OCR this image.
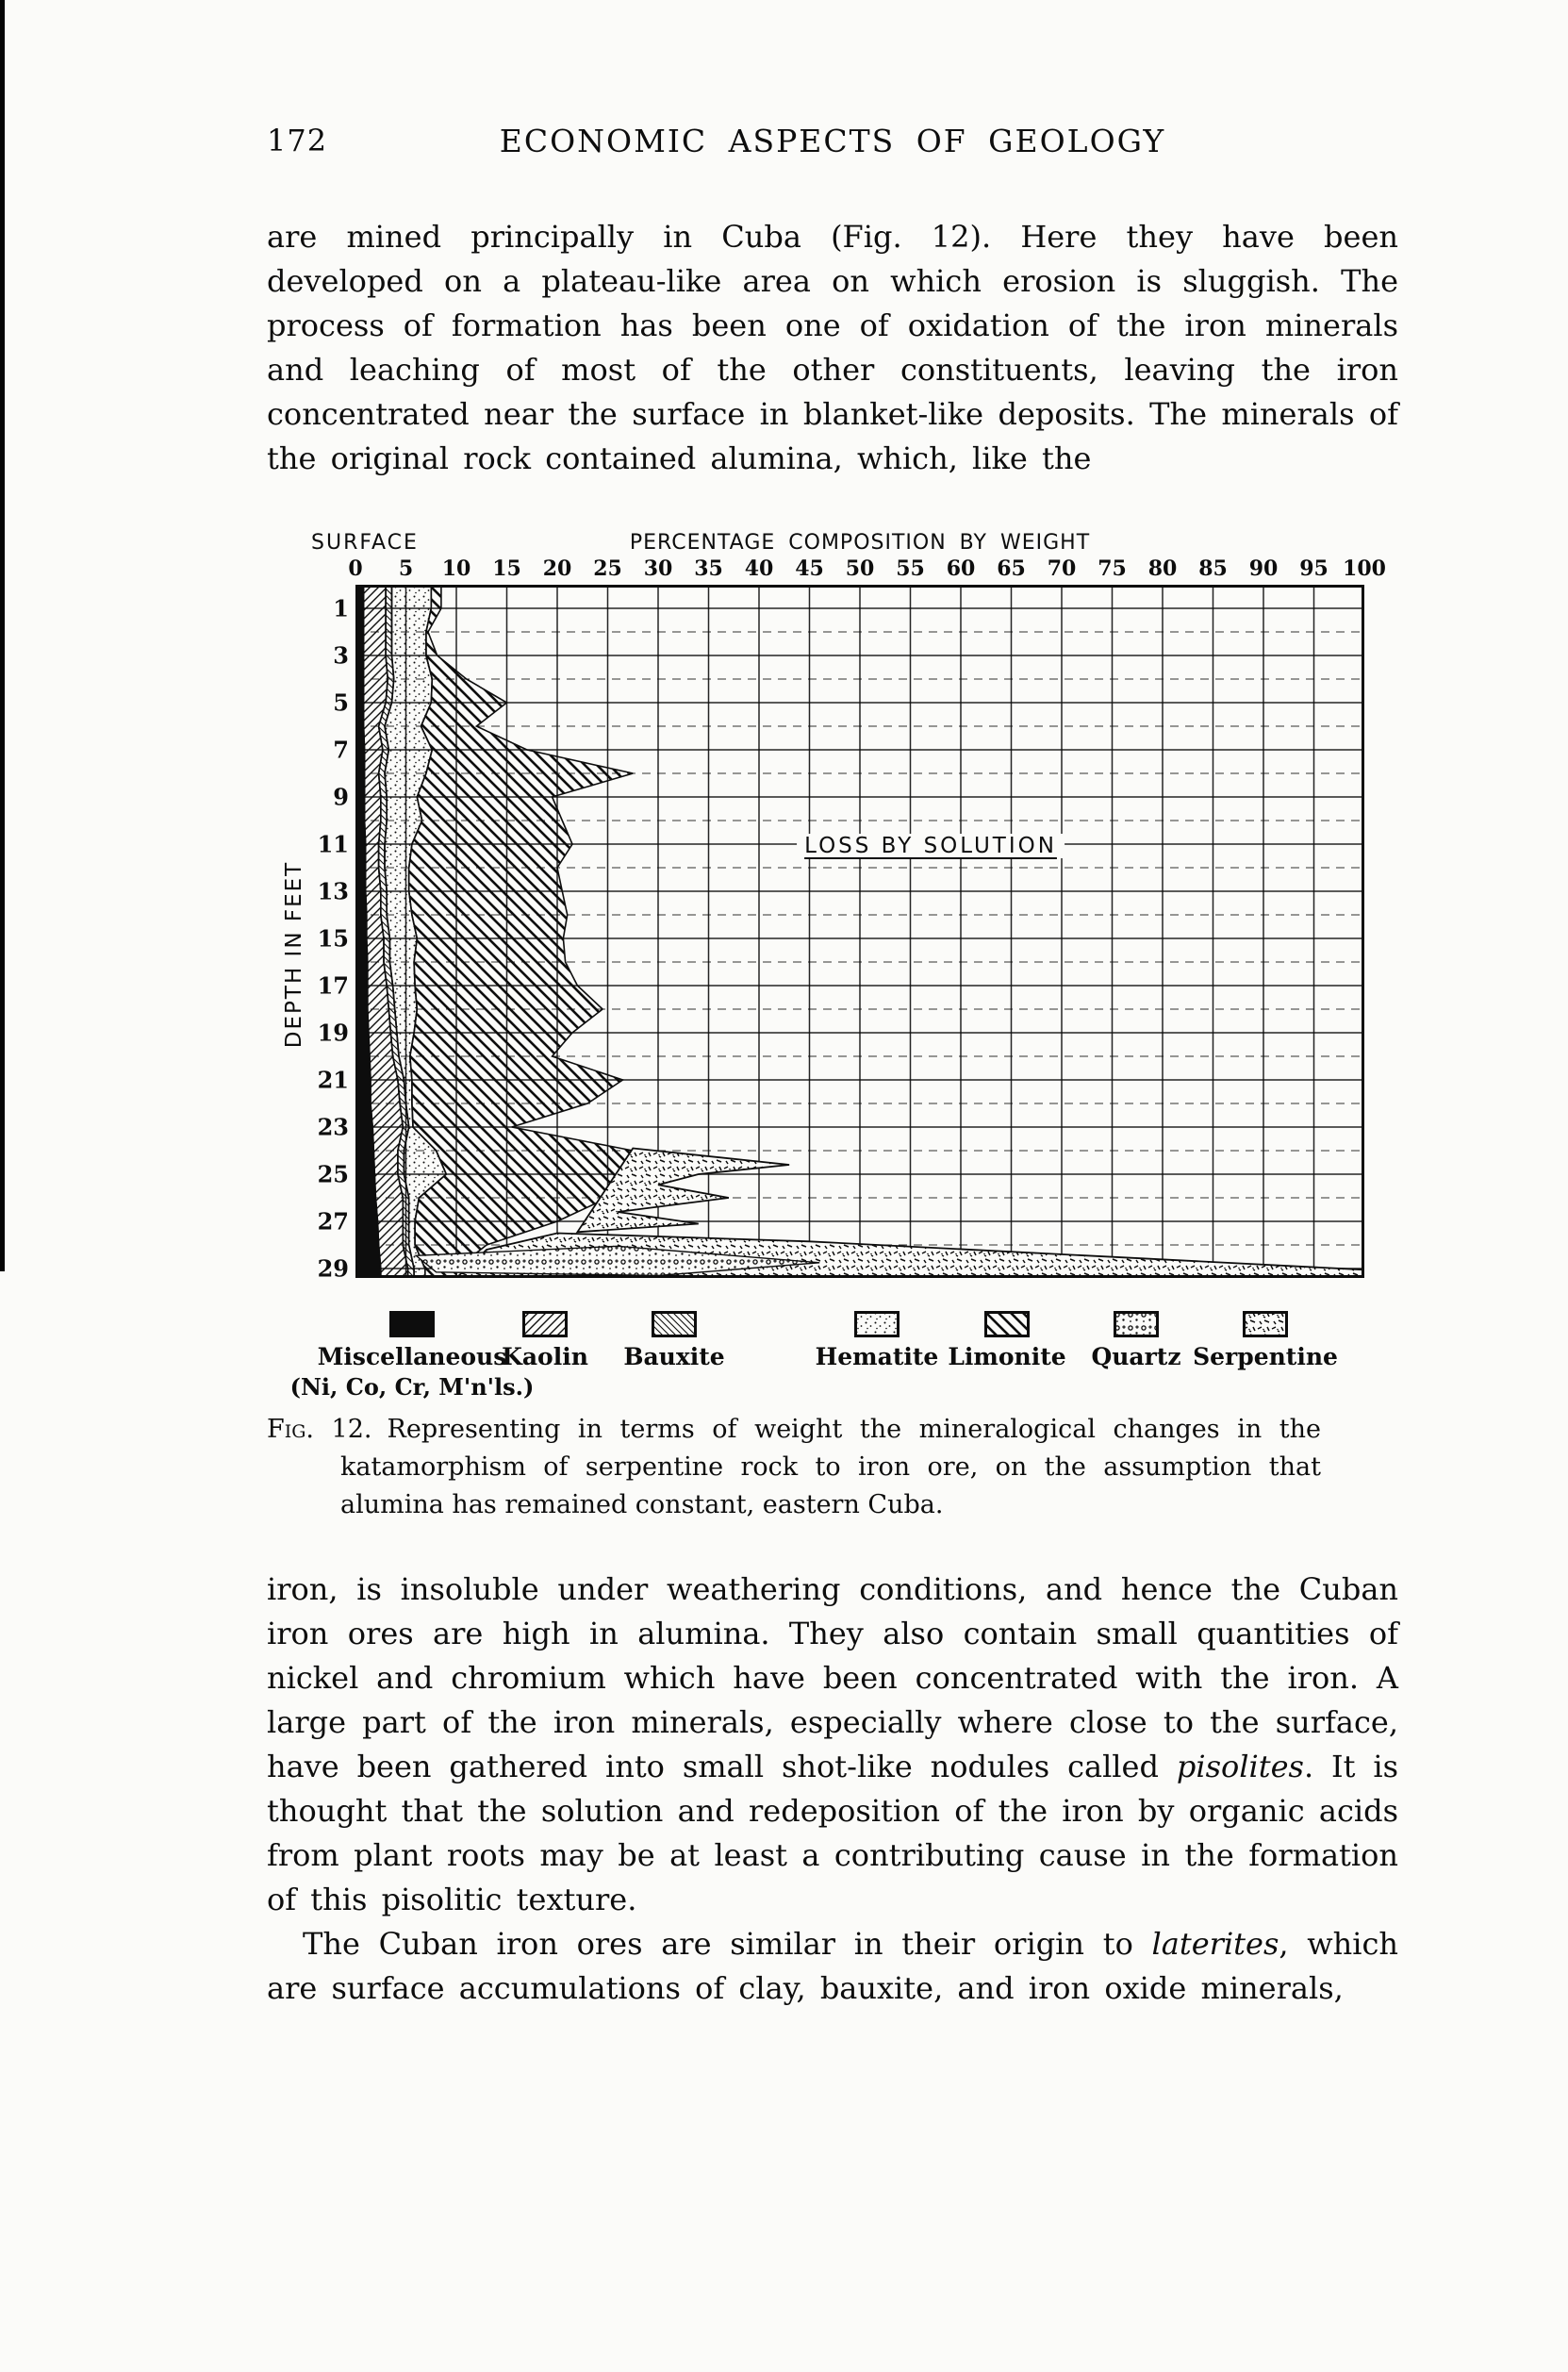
172	ECONOMIC ASPECTS OF GEOLOGY
are mined principally in Cuba (Fig. 12). Here they have been developed on a plateau-like area on which erosion is sluggish. The process of formation has been one of oxidation of the iron minerals and leaching of most of the other constituents, leaving the iron concentrated near the surface in blanket-like deposits. The minerals of the original rock contained alumina, which, like the
SURFACE	PERCENTAGE COMPOSITION BY WEIGHT
DEPTH IN FEET
LOSS BY SOLUTION
Miscellaneous
(Ni, Co, Cr, M'n'ls.)
Kaolin	Bauxite	Hematite Limonite	Quartz Serpentine
Fig. 12. Representing in terms of weight the mineralogical changes in the katamorphism of serpentine rock to iron ore, on the assumption that alumina has remained constant, eastern Cuba.
0 5 10 15 20 25 30 35 40 45 50 55 60 65 70 75 80 85 90 95 100
1
3
5
7
9
11
13
15
17
19
21
23
25
27
29

iron, is insoluble under weathering conditions, and hence the Cuban iron ores are high in alumina. They also contain small quantities of nickel and chromium which have been concentrated with the iron. A large part of the iron minerals, especially where close to the surface, have been gathered into small shot-like nodules called pisolites. It is thought that the solution and redeposition of the iron by organic acids from plant roots may be at least a contributing cause in the formation of this pisolitic texture.

The Cuban iron ores are similar in their origin to laterites, which are surface accumulations of clay, bauxite, and iron oxide minerals,
